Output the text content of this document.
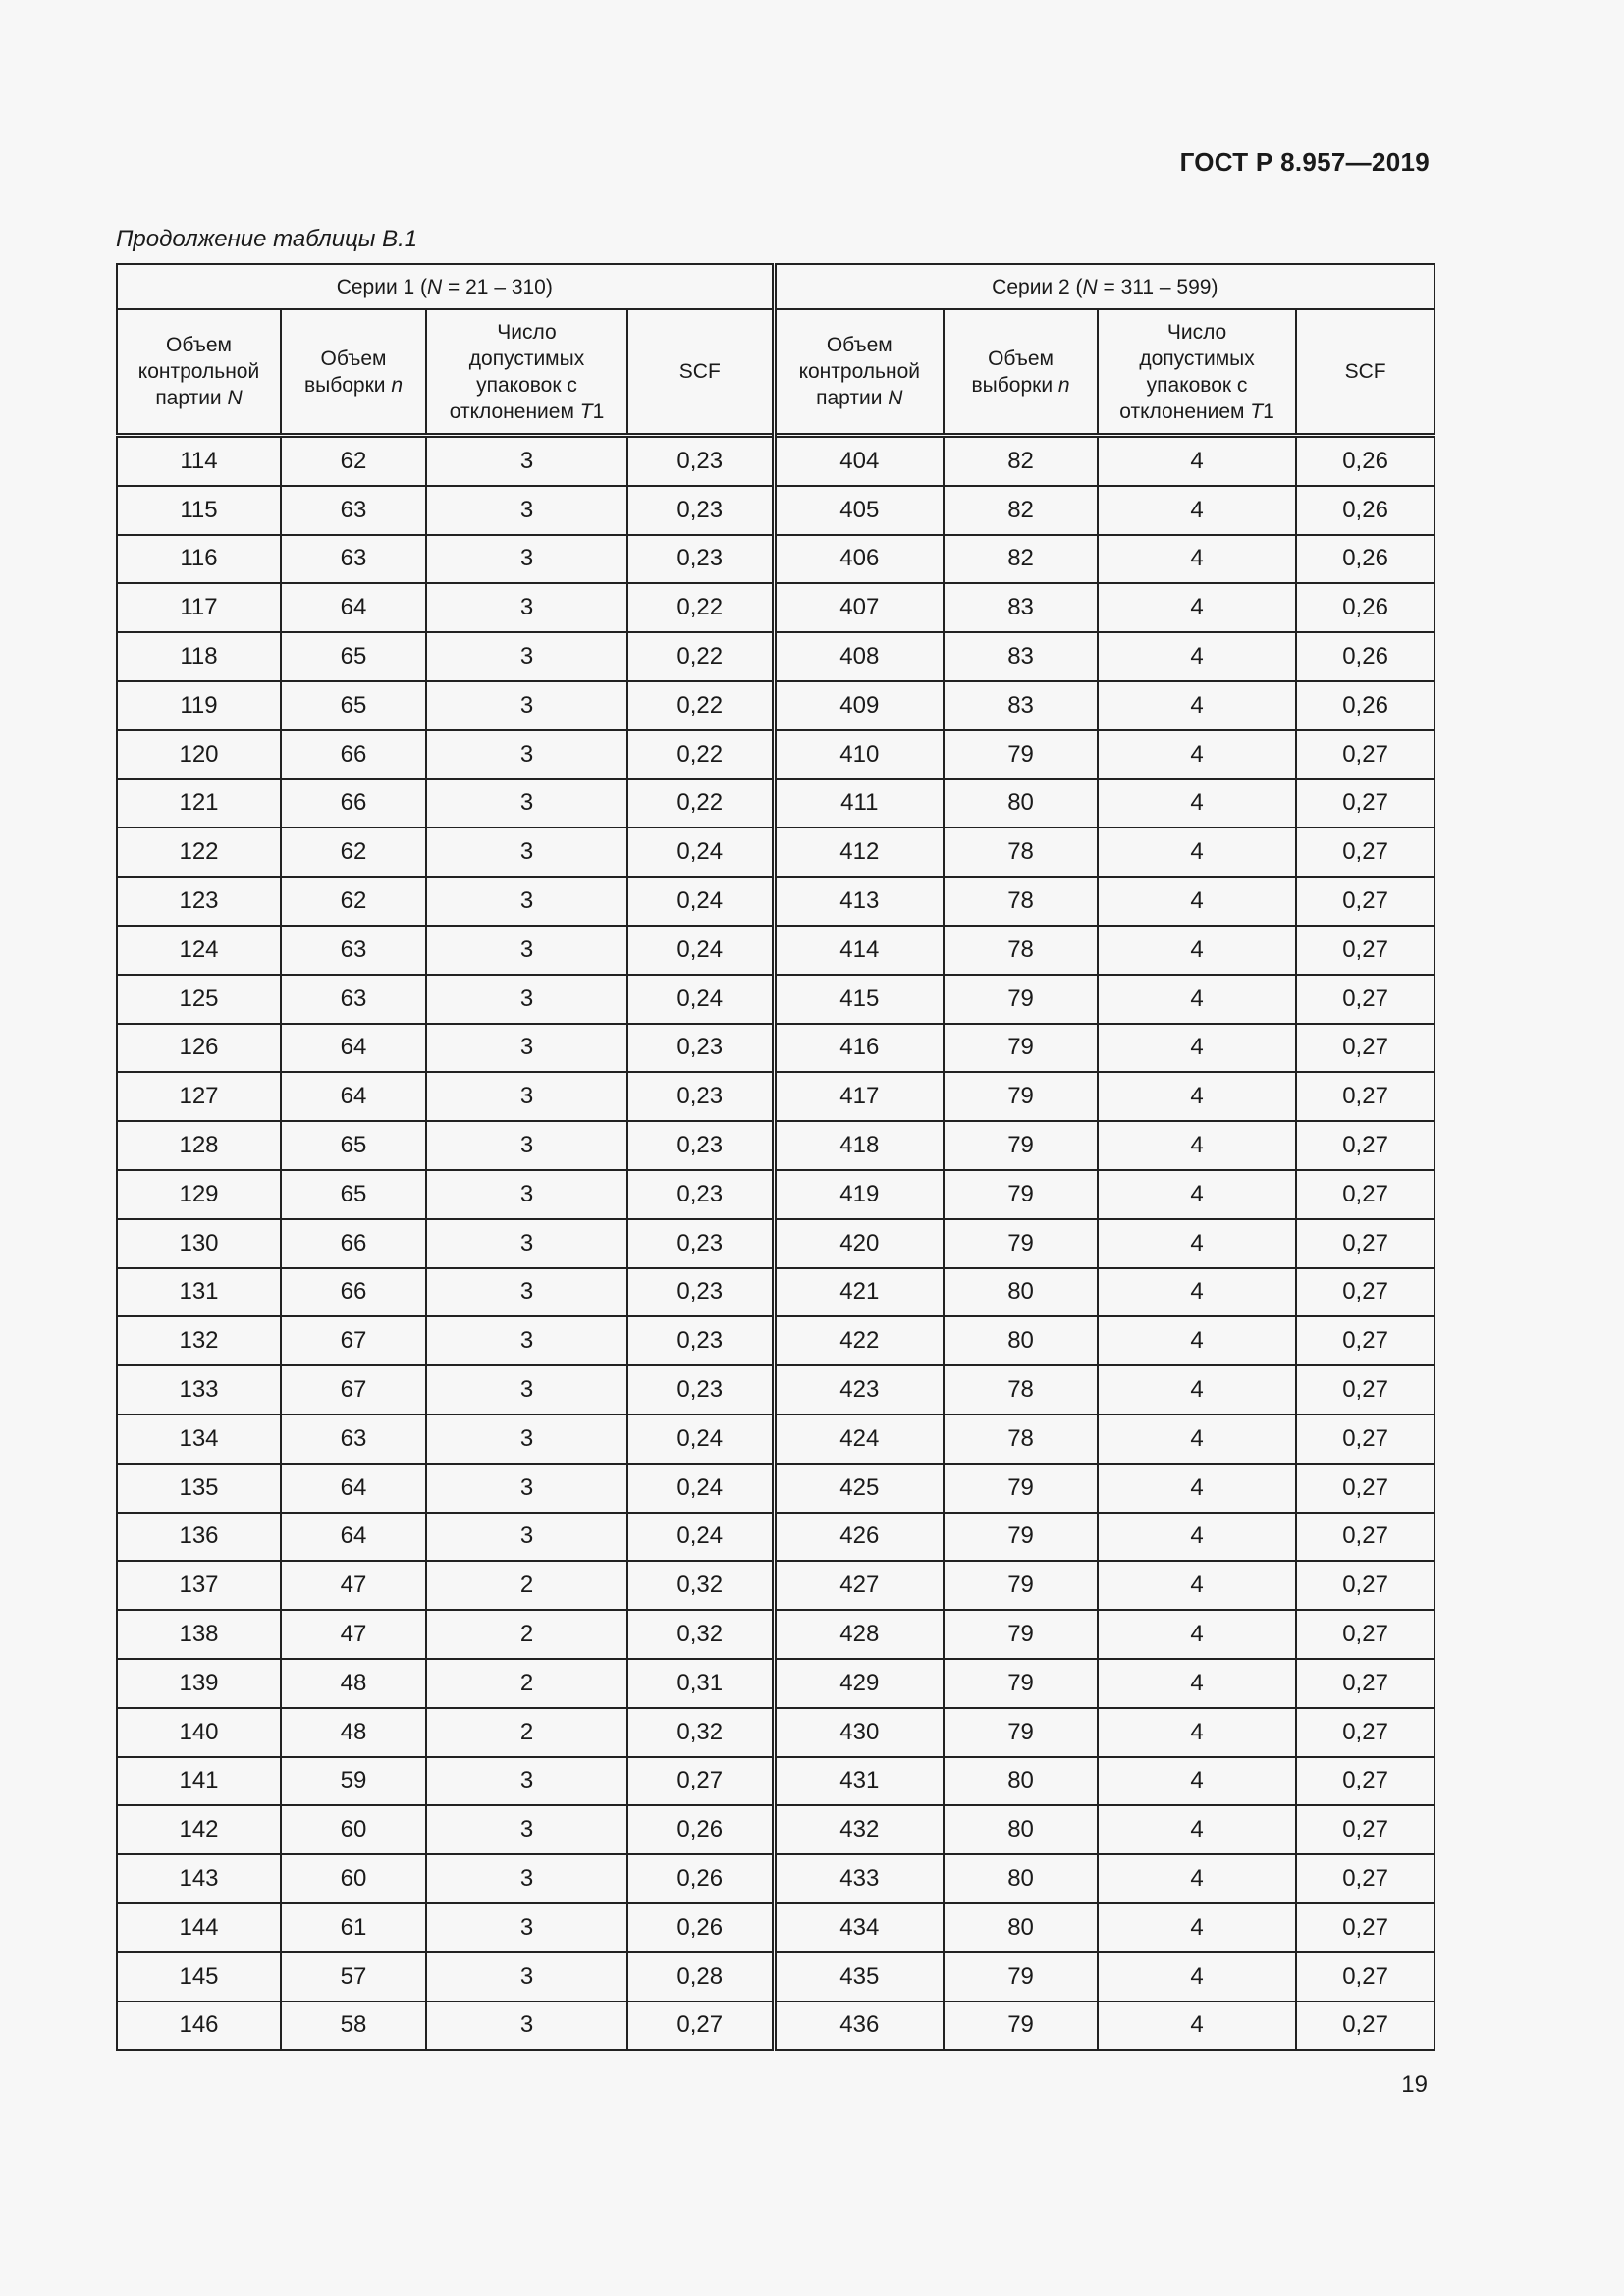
ГОСТ Р 8.957—2019
Продолжение таблицы В.1
Серии 1 (N = 21 – 310)				Серии 2 (N = 311 – 599)			
Объем
контрольной
партии N	Объем
выборки n	Число
допустимых
упаковок с
отклонением T1	SCF	Объем
контрольной
партии N	Объем
выборки n	Число
допустимых
упаковок с
отклонением T1	SCF
114	62	3	0,23	404	82	4	0,26
115	63	3	0,23	405	82	4	0,26
116	63	3	0,23	406	82	4	0,26
117	64	3	0,22	407	83	4	0,26
118	65	3	0,22	408	83	4	0,26
119	65	3	0,22	409	83	4	0,26
120	66	3	0,22	410	79	4	0,27
121	66	3	0,22	411	80	4	0,27
122	62	3	0,24	412	78	4	0,27
123	62	3	0,24	413	78	4	0,27
124	63	3	0,24	414	78	4	0,27
125	63	3	0,24	415	79	4	0,27
126	64	3	0,23	416	79	4	0,27
127	64	3	0,23	417	79	4	0,27
128	65	3	0,23	418	79	4	0,27
129	65	3	0,23	419	79	4	0,27
130	66	3	0,23	420	79	4	0,27
131	66	3	0,23	421	80	4	0,27
132	67	3	0,23	422	80	4	0,27
133	67	3	0,23	423	78	4	0,27
134	63	3	0,24	424	78	4	0,27
135	64	3	0,24	425	79	4	0,27
136	64	3	0,24	426	79	4	0,27
137	47	2	0,32	427	79	4	0,27
138	47	2	0,32	428	79	4	0,27
139	48	2	0,31	429	79	4	0,27
140	48	2	0,32	430	79	4	0,27
141	59	3	0,27	431	80	4	0,27
142	60	3	0,26	432	80	4	0,27
143	60	3	0,26	433	80	4	0,27
144	61	3	0,26	434	80	4	0,27
145	57	3	0,28	435	79	4	0,27
146	58	3	0,27	436	79	4	0,27
19
